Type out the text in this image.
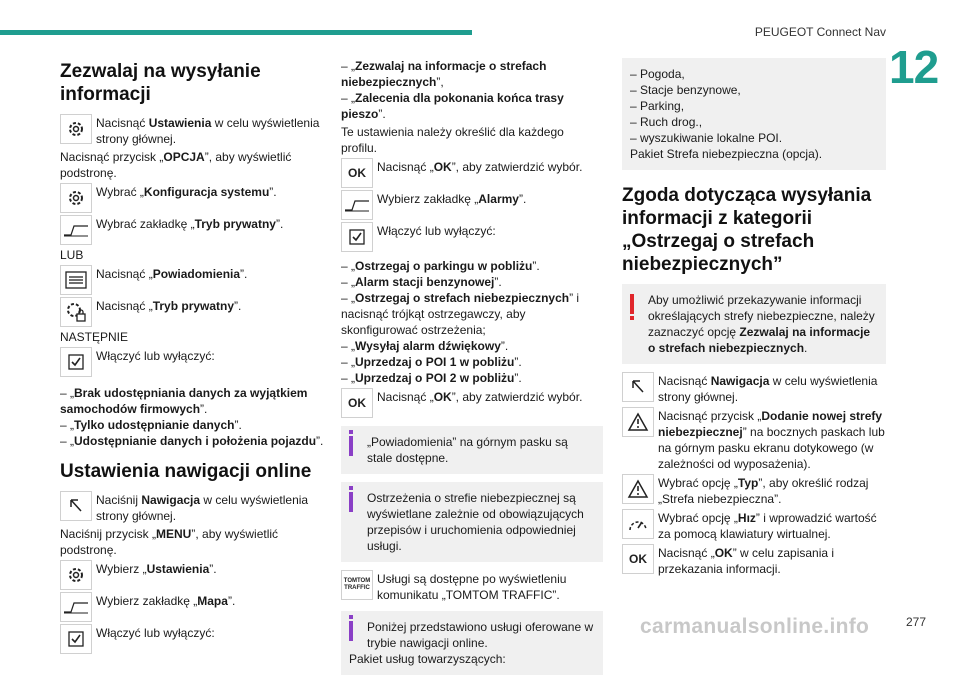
PEUGEOT Connect Nav
12
Zezwalaj na wysyłanie informacji
Nacisnąć Ustawienia w celu wyświetlenia strony głównej.

Nacisnąć przycisk „OPCJA”, aby wyświetlić podstronę.

Wybrać „Konfiguracja systemu”.
Wybrać zakładkę „Tryb prywatny”.

LUB

Nacisnąć „Powiadomienia”.
Nacisnąć „Tryb prywatny”.

NASTĘPNIE

Włączyć lub wyłączyć:

– „Brak udostępniania danych za wyjątkiem samochodów firmowych”.

– „Tylko udostępnianie danych”.

– „Udostępnianie danych i położenia pojazdu”.

Ustawienia nawigacji online
Naciśnij Nawigacja w celu wyświetlenia strony głównej.

Naciśnij przycisk „MENU”, aby wyświetlić podstronę.

Wybierz „Ustawienia”.
Wybierz zakładkę „Mapa”.
Włączyć lub wyłączyć:

– „Zezwalaj na informacje o strefach niebezpiecznych”,

– „Zalecenia dla pokonania końca trasy pieszo”.

Te ustawienia należy określić dla każdego profilu.

OK Nacisnąć „OK”, aby zatwierdzić wybór.
Wybierz zakładkę „Alarmy”.
Włączyć lub wyłączyć:

– „Ostrzegaj o parkingu w pobliżu”.

– „Alarm stacji benzynowej”.

– „Ostrzegaj o strefach niebezpiecznych” i nacisnąć trójkąt ostrzegawczy, aby skonfigurować ostrzeżenia;

– „Wysyłaj alarm dźwiękowy”.

– „Uprzedzaj o POI 1 w pobliżu”.

– „Uprzedzaj o POI 2 w pobliżu”.

OK Nacisnąć „OK”, aby zatwierdzić wybór.

„Powiadomienia” na górnym pasku są stale dostępne.

Ostrzeżenia o strefie niebezpiecznej są wyświetlane zależnie od obowiązujących przepisów i uruchomienia odpowiedniej usługi.

TOMTOM TRAFFIC
Usługi są dostępne po wyświetleniu komunikatu „TOMTOM TRAFFIC”.

Poniżej przedstawiono usługi oferowane w trybie nawigacji online.

Pakiet usług towarzyszących:

– Pogoda,

– Stacje benzynowe,

– Parking,

– Ruch drog.,

– wyszukiwanie lokalne POI.

Pakiet Strefa niebezpieczna (opcja).

Zgoda dotycząca wysyłania informacji z kategorii „Ostrzegaj o strefach niebezpiecznych”

Aby umożliwić przekazywanie informacji określających strefy niebezpieczne, należy zaznaczyć opcję Zezwalaj na informacje o strefach niebezpiecznych.

Nacisnąć Nawigacja w celu wyświetlenia strony głównej.
Nacisnąć przycisk „Dodanie nowej strefy niebezpiecznej” na bocznych paskach lub na górnym pasku ekranu dotykowego (w zależności od wyposażenia).
Wybrać opcję „Typ”, aby określić rodzaj „Strefa niebezpieczna”.
Wybrać opcję „Hız” i wprowadzić wartość za pomocą klawiatury wirtualnej.
OK Nacisnąć „OK” w celu zapisania i przekazania informacji.
carmanualsonline.info	277
